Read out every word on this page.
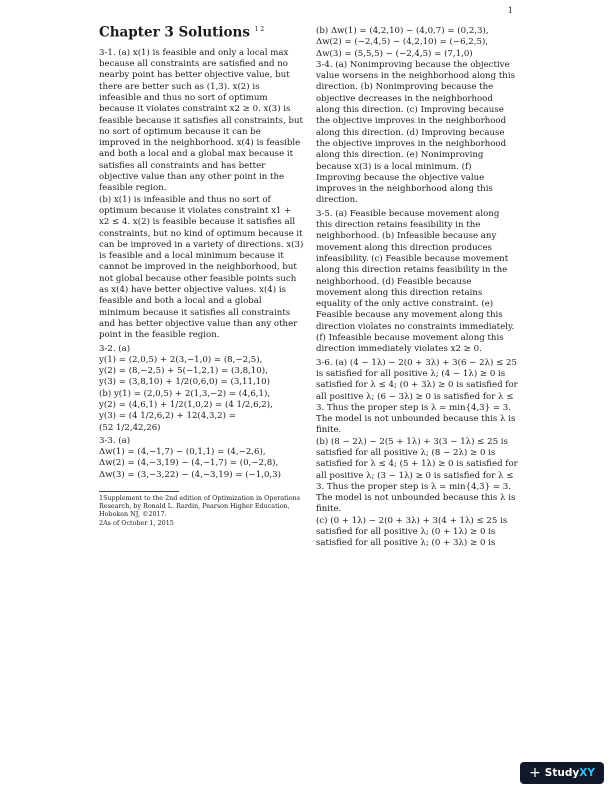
1
Chapter 3 Solutions $^{1 2}$

3-1. (a) x(1) is feasible and only a local max because all constraints are satisfied and no nearby point has better objective value, but there are better such as (1,3). x(2) is infeasible and thus no sort of optimum because it violates constraint x2 ≥ 0. x(3) is feasible because it satisfies all constraints, but no sort of optimum because it can be improved in the neighborhood. x(4) is feasible and both a local and a global max because it satisfies all constraints and has better objective value than any other point in the feasible region.

(b) x(1) is infeasible and thus no sort of optimum because it violates constraint x1 + x2 ≤ 4. x(2) is feasible because it satisfies all constraints, but no kind of optimum because it can be improved in a variety of directions. x(3) is feasible and a local minimum because it cannot be improved in the neighborhood, but not global because other feasible points such as x(4) have better objective values. x(4) is feasible and both a local and a global minimum because it satisfies all constraints and has better objective value than any other point in the feasible region.

3-2. (a)

y(1) = (2,0,5) + 2(3,−1,0) = (8,−2,5),

y(2) = (8,−2,5) + 5(−1,2,1) = (3,8,10),

y(3) = (3,8,10) + 1/2(0,6,0) = (3,11,10)

(b) y(1) = (2,0,5) + 2(1,3,−2) = (4,6,1),

y(2) = (4,6,1) + 1/2(1,0,2) = (4 1/2,6,2),

y(3) = (4 1/2,6,2) + 12(4,3,2) =

(52 1/2,42,26)

3-3. (a)

Δw(1) = (4,−1,7) − (0,1,1) = (4,−2,6),

Δw(2) = (4,−3,19) − (4,−1,7) = (0,−2,8),

Δw(3) = (3,−3,22) − (4,−3,19) = (−1,0,3)

1Supplement to the 2nd edition of Optimization in Operations Research, by Ronald L. Rardin, Pearson Higher Education, Hoboken NJ, ©2017.

2As of October 1, 2015

(b) Δw(1) = (4,2,10) − (4,0,7) = (0,2,3),

Δw(2) = (−2,4,5) − (4,2,10) = (−6,2,5),

Δw(3) = (5,5,5) − (−2,4,5) = (7,1,0)

3-4. (a) Nonimproving because the objective value worsens in the neighborhood along this direction. (b) Nonimproving because the objective decreases in the neighborhood along this direction. (c) Improving because the objective improves in the neighborhood along this direction. (d) Improving because the objective improves in the neighborhood along this direction. (e) Nonimproving because x(3) is a local minimum. (f) Improving because the objective value improves in the neighborhood along this direction.

3-5. (a) Feasible because movement along this direction retains feasibility in the neighborhood. (b) Infeasible because any movement along this direction produces infeasibility. (c) Feasible because movement along this direction retains feasibility in the neighborhood. (d) Feasible because movement along this direction retains equality of the only active constraint. (e) Feasible because any movement along this direction violates no constraints immediately. (f) Infeasible because movement along this direction immediately violates x2 ≥ 0.

3-6. (a) (4 − 1λ) − 2(0 + 3λ) + 3(6 − 2λ) ≤ 25 is satisfied for all positive λ; (4 − 1λ) ≥ 0 is satisfied for λ ≤ 4; (0 + 3λ) ≥ 0 is satisfied for all positive λ; (6 − 3λ) ≥ 0 is satisfied for λ ≤ 3. Thus the proper step is λ = min{4,3} = 3. The model is not unbounded because this λ is finite.

(b) (8 − 2λ) − 2(5 + 1λ) + 3(3 − 1λ) ≤ 25 is satisfied for all positive λ; (8 − 2λ) ≥ 0 is satisfied for λ ≤ 4; (5 + 1λ) ≥ 0 is satisfied for all positive λ; (3 − 1λ) ≥ 0 is satisfied for λ ≤ 3. Thus the proper step is λ = min{4,3} = 3. The model is not unbounded because this λ is finite.

(c) (0 + 1λ) − 2(0 + 3λ) + 3(4 + 1λ) ≤ 25 is satisfied for all positive λ; (0 + 1λ) ≥ 0 is satisfied for all positive λ; (0 + 3λ) ≥ 0 is

+ StudyXY
